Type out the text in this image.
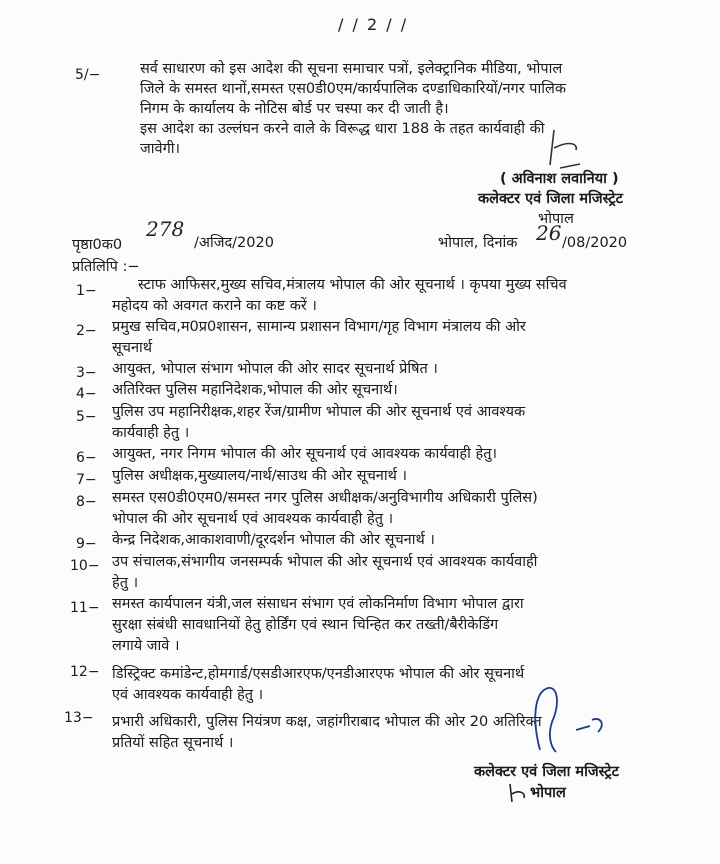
/ / 2 / /
5/−	सर्व साधारण को इस आदेश की सूचना समाचार पत्रों, इलेक्ट्रानिक मीडिया, भोपाल
जिले के समस्त थानों,समस्त एस0डी0एम/कार्यपालिक दण्डाधिकारियों/नगर पालिक
निगम के कार्यालय के नोटिस बोर्ड पर चस्पा कर दी जाती है।
इस आदेश का उल्लंघन करने वाले के विरूद्ध धारा 188 के तहत कार्यवाही की
जावेगी।
( अविनाश लवानिया )
कलेक्टर एवं जिला मजिस्ट्रेट
भोपाल
पृष्ठा0क0
278
/अजिद/2020	भोपाल, दिनांक 26 /08/2020
प्रतिलिपि :−
1−	स्टाफ आफिसर,मुख्य सचिव,मंत्रालय भोपाल की ओर सूचनार्थ । कृपया मुख्य सचिव
महोदय को अवगत कराने का कष्ट करें ।
2− प्रमुख सचिव,म0प्र0शासन, सामान्य प्रशासन विभाग/गृह विभाग मंत्रालय की ओर
सूचनार्थ
3− आयुक्त, भोपाल संभाग भोपाल की ओर सादर सूचनार्थ प्रेषित ।
4− अतिरिक्त पुलिस महानिदेशक,भोपाल की ओर सूचनार्थ।
5− पुलिस उप महानिरीक्षक,शहर रेंज/ग्रामीण भोपाल की ओर सूचनार्थ एवं आवश्यक
कार्यवाही हेतु ।
6− आयुक्त, नगर निगम भोपाल की ओर सूचनार्थ एवं आवश्यक कार्यवाही हेतु।
7− पुलिस अधीक्षक,मुख्यालय/नार्थ/साउथ की ओर सूचनार्थ ।
8− समस्त एस0डी0एम0/समस्त नगर पुलिस अधीक्षक/अनुविभागीय अधिकारी पुलिस)
भोपाल की ओर सूचनार्थ एवं आवश्यक कार्यवाही हेतु ।
9− केन्द्र निदेशक,आकाशवाणी/दूरदर्शन भोपाल की ओर सूचनार्थ ।
10− उप संचालक,संभागीय जनसम्पर्क भोपाल की ओर सूचनार्थ एवं आवश्यक कार्यवाही
हेतु ।
11− समस्त कार्यपालन यंत्री,जल संसाधन संभाग एवं लोकनिर्माण विभाग भोपाल द्वारा
सुरक्षा संबंधी सावधानियों हेतु होर्डिंग एवं स्थान चिन्हित कर तख्ती/बैरीकेडिंग
लगाये जावे ।
12− डिस्ट्रिक्ट कमांडेन्ट,होमगार्ड/एसडीआरएफ/एनडीआरएफ भोपाल की ओर सूचनार्थ
एवं आवश्यक कार्यवाही हेतु ।
13− प्रभारी अधिकारी, पुलिस नियंत्रण कक्ष, जहांगीराबाद भोपाल की ओर 20 अतिरिक्त
प्रतियों सहित सूचनार्थ ।
कलेक्टर एवं जिला मजिस्ट्रेट
भोपाल
